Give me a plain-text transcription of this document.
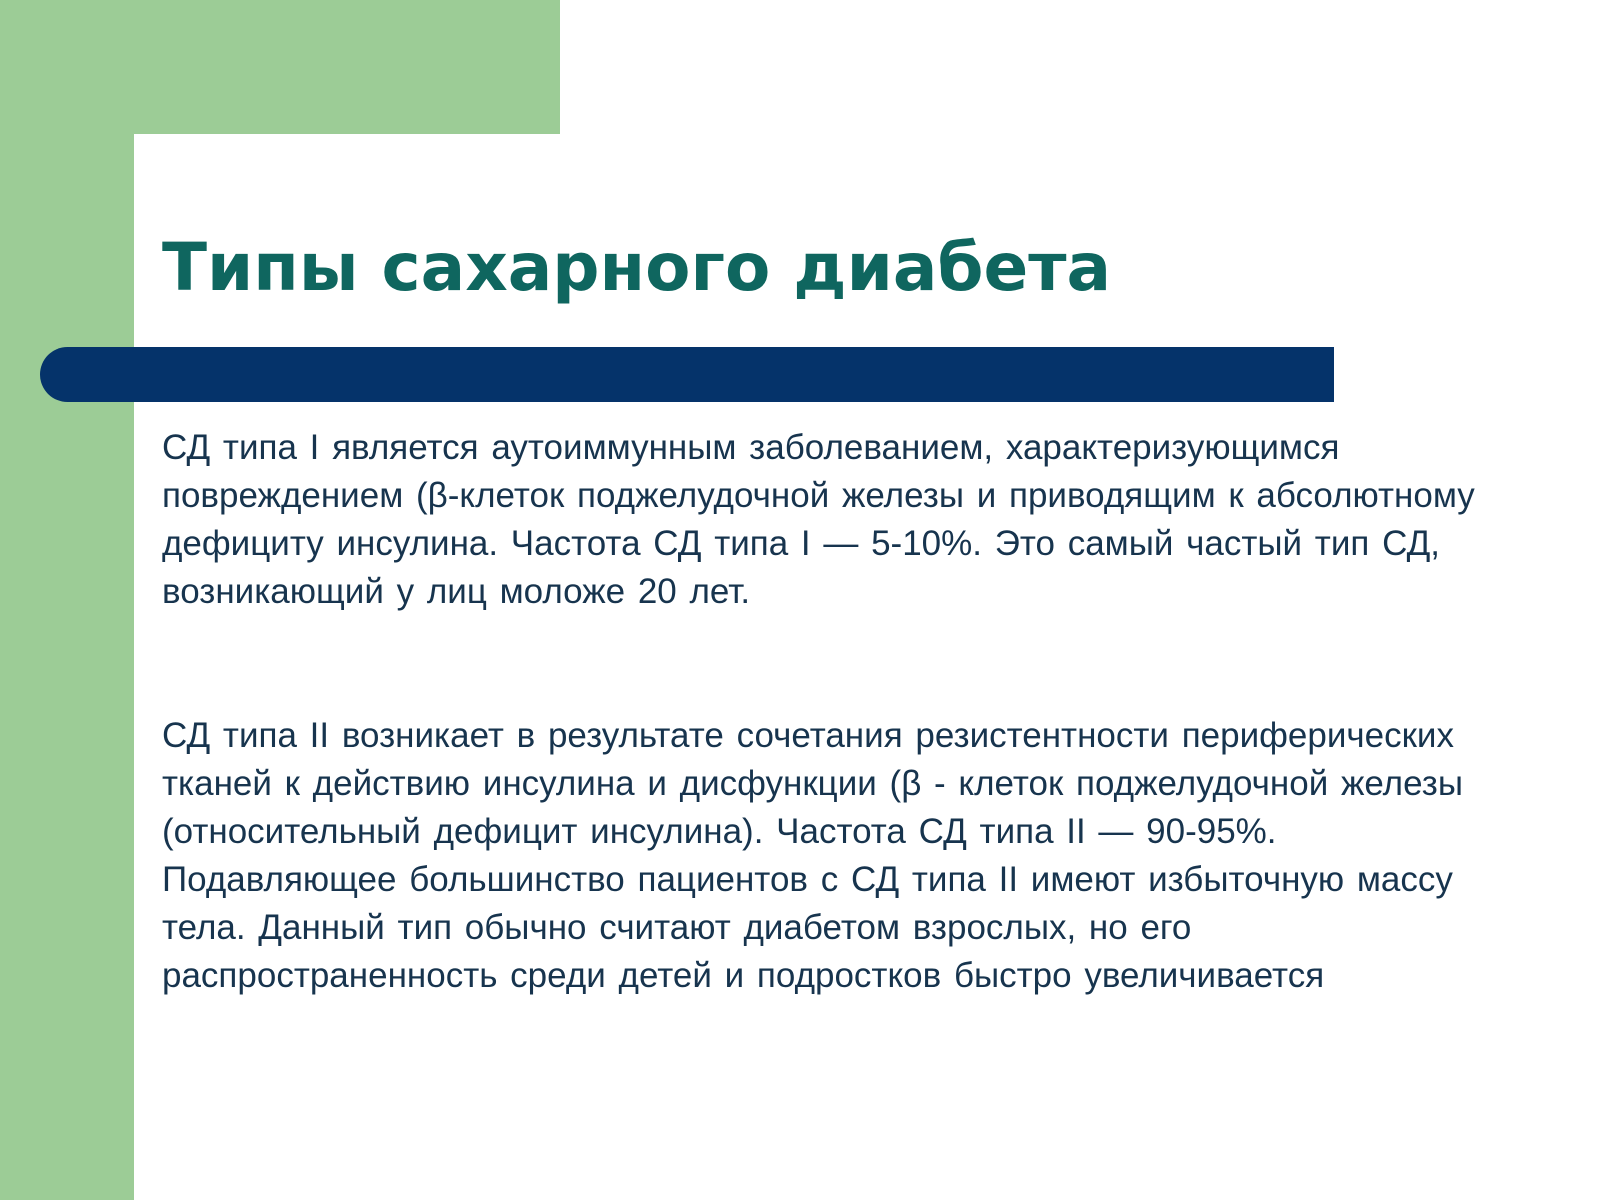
Типы сахарного диабета

СД типа I является аутоиммунным заболеванием, характеризующимся повреждением (β-клеток поджелудочной железы и приводящим к абсолютному дефициту инсулина. Частота СД типа I — 5-10%. Это самый частый тип СД, возникающий у лиц моложе 20 лет.

СД типа II возникает в результате сочетания резистентности периферических тканей к действию инсулина и дисфункции (β - клеток поджелудочной железы (относительный дефицит инсулина). Частота СД типа II — 90-95%. Подавляющее большинство пациентов с СД типа II имеют избыточную массу тела. Данный тип обычно считают диабетом взрослых, но его распространенность среди детей и подростков быстро увеличивается
